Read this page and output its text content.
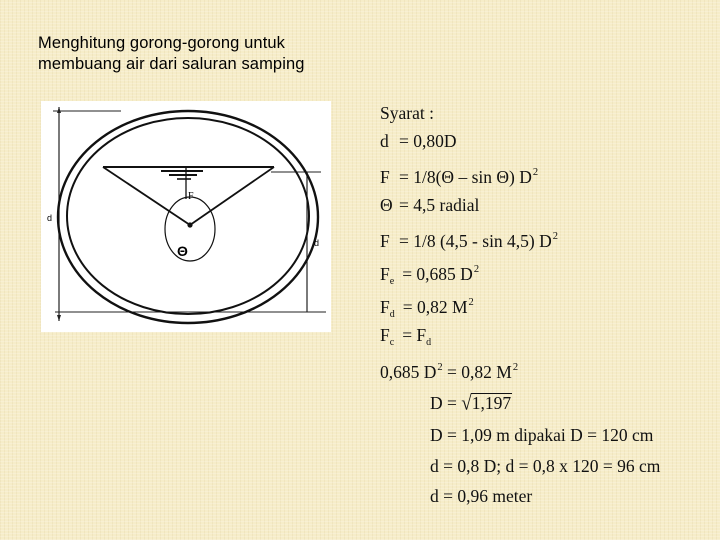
Menghitung gorong-gorong untuk
membuang air dari saluran samping
F
Θ
d
d
Syarat :
d = 0,80D
F = 1/8(Θ – sin Θ) $D^2$
Θ = 4,5 radial
F = 1/8 (4,5 - sin 4,5) $D^2$
$F_e = 0,685$ $D^2$
$F_d = 0,82$ $M^2$
$F_c = F_d$
0,685 $D^2 = 0,82$ $M^2$
D = √1,197
D = 1,09 m dipakai D = 120 cm
d = 0,8 D; d = 0,8 x 120 = 96 cm
d = 0,96 meter
